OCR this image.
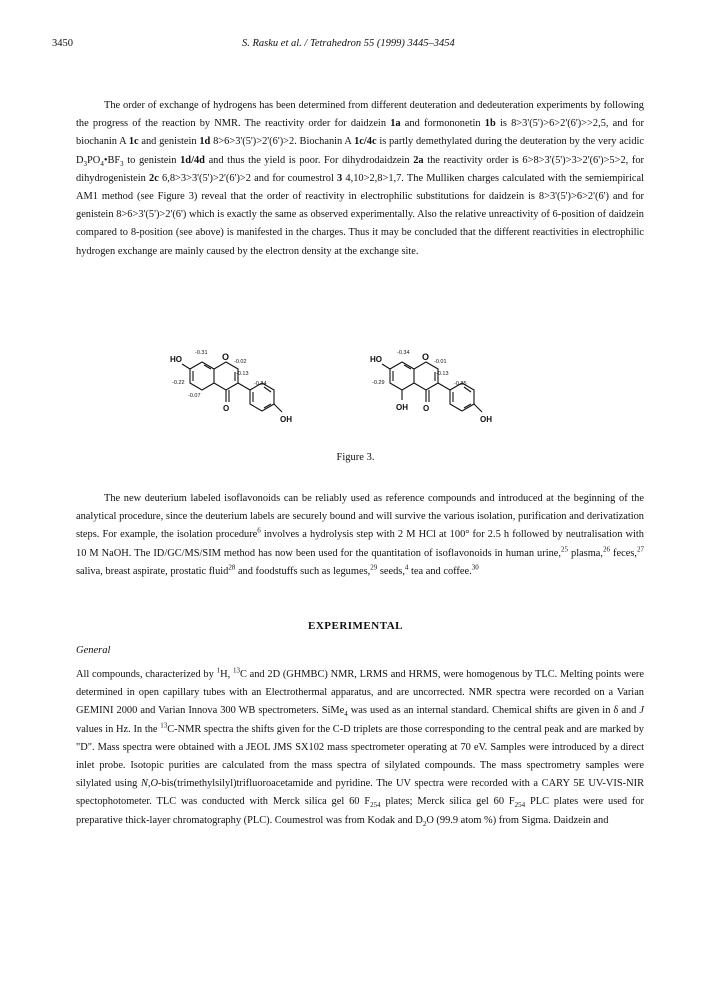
3450	S. Rasku et al. / Tetrahedron 55 (1999) 3445–3454

The order of exchange of hydrogens has been determined from different deuteration and dedeuteration experiments by following the progress of the reaction by NMR. The reactivity order for daidzein 1a and formononetin 1b is 8>3'(5')>6>2'(6')>>2,5, and for biochanin A 1c and genistein 1d 8>6>3'(5')>2'(6')>2. Biochanin A 1c/4c is partly demethylated during the deuteration by the very acidic $D_3PO_4•BF_3$ to genistein 1d/4d and thus the yield is poor. For dihydrodaidzein 2a the reactivity order is 6>8>3'(5')>3>2'(6')>5>2, for dihydrogenistein 2c 6,8>3>3'(5')>2'(6')>2 and for coumestrol 3 4,10>2,8>1,7. The Mulliken charges calculated with the semiempirical AM1 method (see Figure 3) reveal that the order of reactivity in electrophilic substitutions for daidzein is 8>3'(5')>6>2'(6') and for genistein 8>6>3'(5')>2'(6') which is exactly the same as observed experimentally. Also the relative unreactivity of 6-position of daidzein compared to 8-position (see above) is manifested in the charges. Thus it may be concluded that the different reactivities in electrophilic hydrogen exchange are mainly caused by the electron density at the exchange site.

HO	O
O
OH
-0.31
-0.02
-0.22
-0.07
-0.13
-0.24
HO	O
O
OH
OH
-0.34
-0.01
-0.29
-0.13
-0.25
Figure 3.

The new deuterium labeled isoflavonoids can be reliably used as reference compounds and introduced at the beginning of the analytical procedure, since the deuterium labels are securely bound and will survive the various isolation, purification and derivatization steps. For example, the isolation procedure$^6$ involves a hydrolysis step with 2 M HCl at 100° for 2.5 h followed by neutralisation with 10 M NaOH. The ID/GC/MS/SIM method has now been used for the quantitation of isoflavonoids in human urine,$^{25}$ plasma,$^{26}$ feces,$^{27}$ saliva, breast aspirate, prostatic fluid$^{28}$ and foodstuffs such as legumes,$^{29}$ seeds,$^4$ tea and coffee.$^{30}$

EXPERIMENTAL
General

All compounds, characterized by $^1$H, $^{13}$C and 2D (GHMBC) NMR, LRMS and HRMS, were homogenous by TLC. Melting points were determined in open capillary tubes with an Electrothermal apparatus, and are uncorrected. NMR spectra were recorded on a Varian GEMINI 2000 and Varian Innova 300 WB spectrometers. SiMe$_4$ was used as an internal standard. Chemical shifts are given in δ and J values in Hz. In the $^{13}$C-NMR spectra the shifts given for the C-D triplets are those corresponding to the central peak and are marked by "D". Mass spectra were obtained with a JEOL JMS SX102 mass spectrometer operating at 70 eV. Samples were introduced by a direct inlet probe. Isotopic purities are calculated from the mass spectra of silylated compounds. The mass spectrometry samples were silylated using N,O-bis(trimethylsilyl)trifluoroacetamide and pyridine. The UV spectra were recorded with a CARY 5E UV-VIS-NIR spectophotometer. TLC was conducted with Merck silica gel 60 $F_{254}$ plates; Merck silica gel 60 $F_{254}$ PLC plates were used for preparative thick-layer chromatography (PLC). Coumestrol was from Kodak and $D_2O$ (99.9 atom %) from Sigma. Daidzein and
